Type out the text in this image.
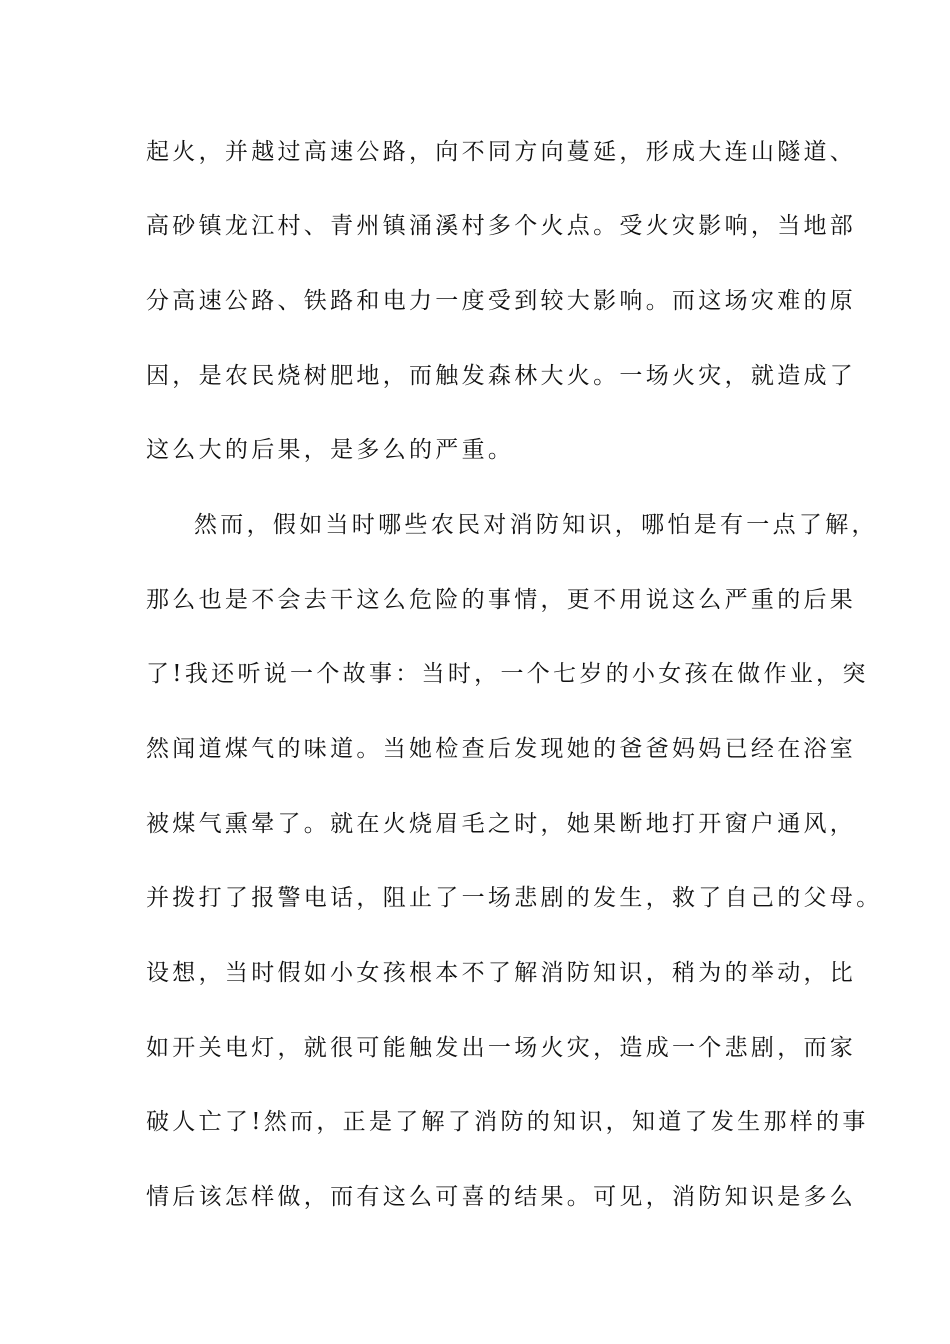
起火，并越过高速公路，向不同方向蔓延，形成大连山隧道、
高砂镇龙江村、青州镇涌溪村多个火点。受火灾影响，当地部
分高速公路、铁路和电力一度受到较大影响。而这场灾难的原
因，是农民烧树肥地，而触发森林大火。一场火灾，就造成了
这么大的后果，是多么的严重。
然而，假如当时哪些农民对消防知识，哪怕是有一点了解，
那么也是不会去干这么危险的事情，更不用说这么严重的后果
了!我还听说一个故事：当时，一个七岁的小女孩在做作业，突
然闻道煤气的味道。当她检查后发现她的爸爸妈妈已经在浴室
被煤气熏晕了。就在火烧眉毛之时，她果断地打开窗户通风，
并拨打了报警电话，阻止了一场悲剧的发生，救了自己的父母。
设想，当时假如小女孩根本不了解消防知识，稍为的举动，比
如开关电灯，就很可能触发出一场火灾，造成一个悲剧，而家
破人亡了!然而，正是了解了消防的知识，知道了发生那样的事
情后该怎样做，而有这么可喜的结果。可见，消防知识是多么
